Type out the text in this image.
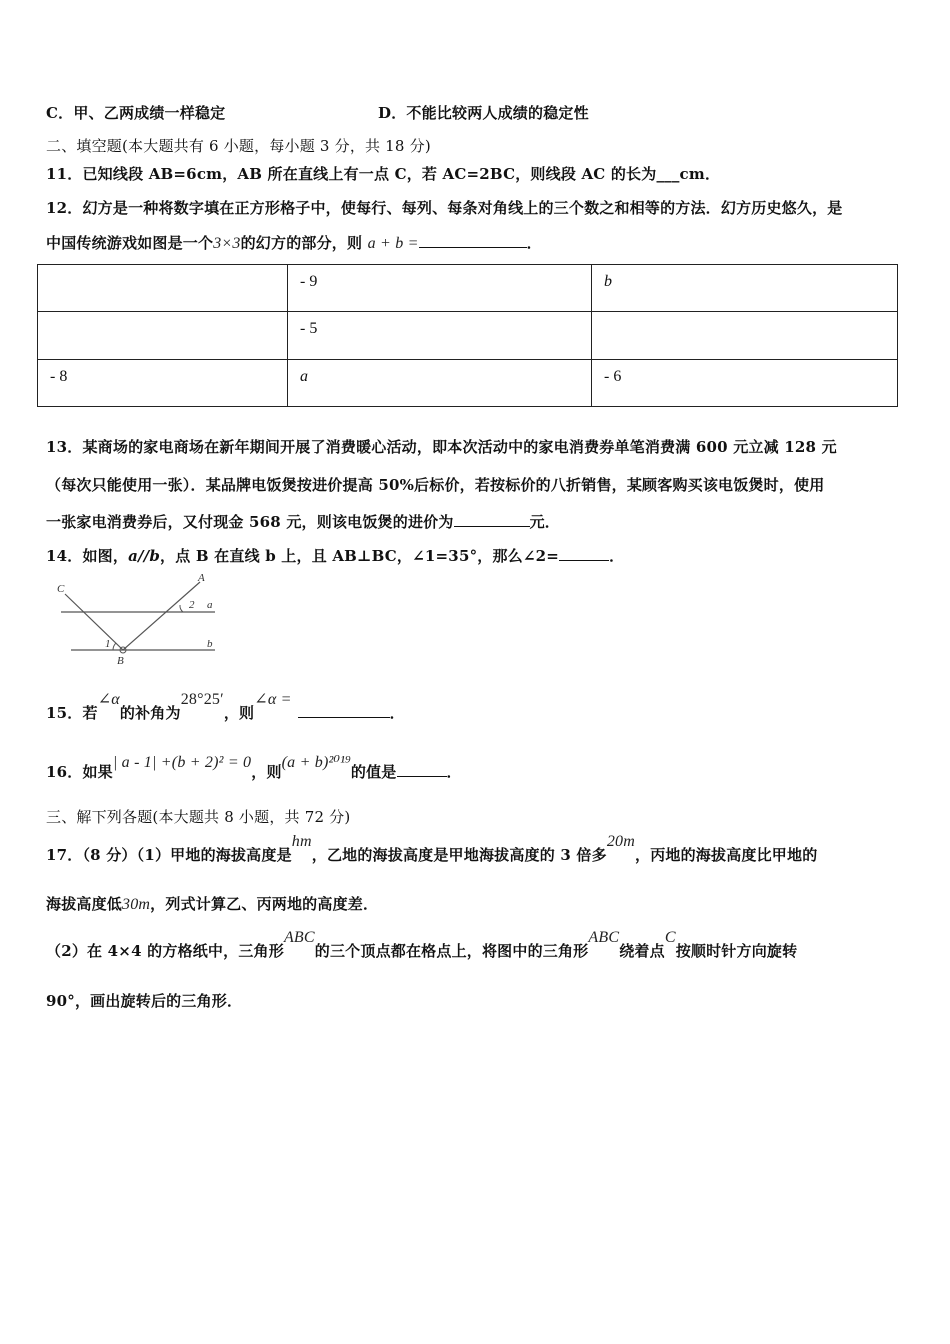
C．甲、乙两成绩一样稳定	D．不能比较两人成绩的稳定性
二、填空题(本大题共有 6 小题，每小题 3 分，共 18 分)
11．已知线段 AB=6cm，AB 所在直线上有一点 C，若 AC=2BC，则线段 AC 的长为___cm．
12．幻方是一种将数字填在正方形格子中，使每行、每列、每条对角线上的三个数之和相等的方法．幻方历史悠久，是
中国传统游戏如图是一个3×3的幻方的部分，则 a + b =	．
	- 9	b
	- 5	
- 8	a	- 6
13．某商场的家电商场在新年期间开展了消费暖心活动，即本次活动中的家电消费券单笔消费满 600 元立减 128 元
（每次只能使用一张）．某品牌电饭煲按进价提高 50%后标价，若按标价的八折销售，某顾客购买该电饭煲时，使用
一张家电消费券后，又付现金 568 元，则该电饭煲的进价为	元．
14．如图，a//b，点 B 在直线 b 上，且 AB⊥BC，∠1=35°，那么∠2=	．
C
A
2 a
1
B
b
15．若∠α的补角为28°25′，则∠α =．
16．如果| a - 1| +(b + 2)² = 0，则(a + b)²⁰¹⁹的值是	．
三、解下列各题(本大题共 8 小题，共 72 分)
17．（8 分）（1）甲地的海拔高度是hm，乙地的海拔高度是甲地海拔高度的 3 倍多20m，丙地的海拔高度比甲地的
海拔高度低30m，列式计算乙、丙两地的高度差．
（2）在 4×4 的方格纸中，三角形ABC的三个顶点都在格点上，将图中的三角形ABC绕着点C按顺时针方向旋转
90°，画出旋转后的三角形．
